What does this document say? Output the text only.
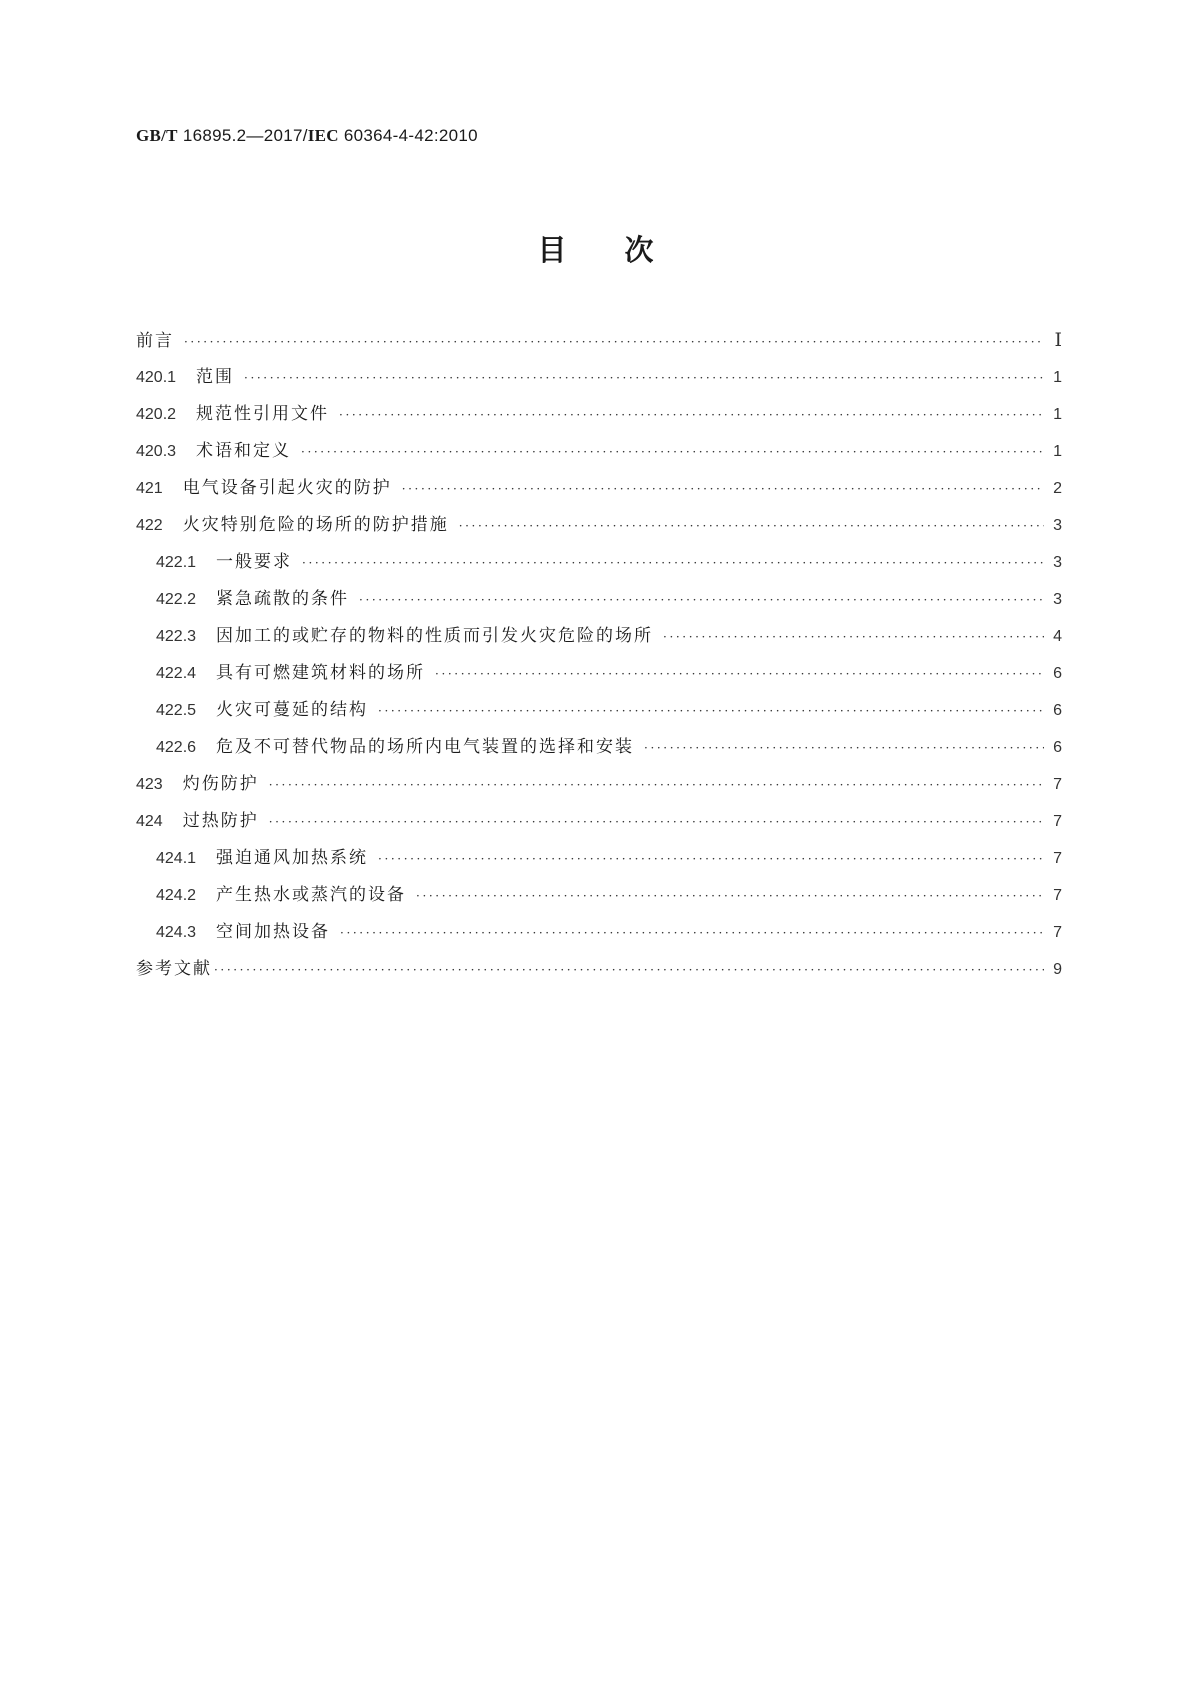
GB/T 16895.2—2017/IEC 60364-4-42:2010
目次
前言 ·····	Ⅰ
420.1 范围 ·····	1
420.2 规范性引用文件 ·····	1
420.3 术语和定义 ·····	1
421 电气设备引起火灾的防护 ·····	2
422 火灾特别危险的场所的防护措施 ·····	3
422.1 一般要求 ·····	3
422.2 紧急疏散的条件 ·····	3
422.3 因加工的或贮存的物料的性质而引发火灾危险的场所 ·····	4
422.4 具有可燃建筑材料的场所 ·····	6
422.5 火灾可蔓延的结构 ·····	6
422.6 危及不可替代物品的场所内电气装置的选择和安装 ·····	6
423 灼伤防护 ·····	7
424 过热防护 ·····	7
424.1 强迫通风加热系统 ·····	7
424.2 产生热水或蒸汽的设备 ·····	7
424.3 空间加热设备 ·····	7
参考文献 ·····	9
